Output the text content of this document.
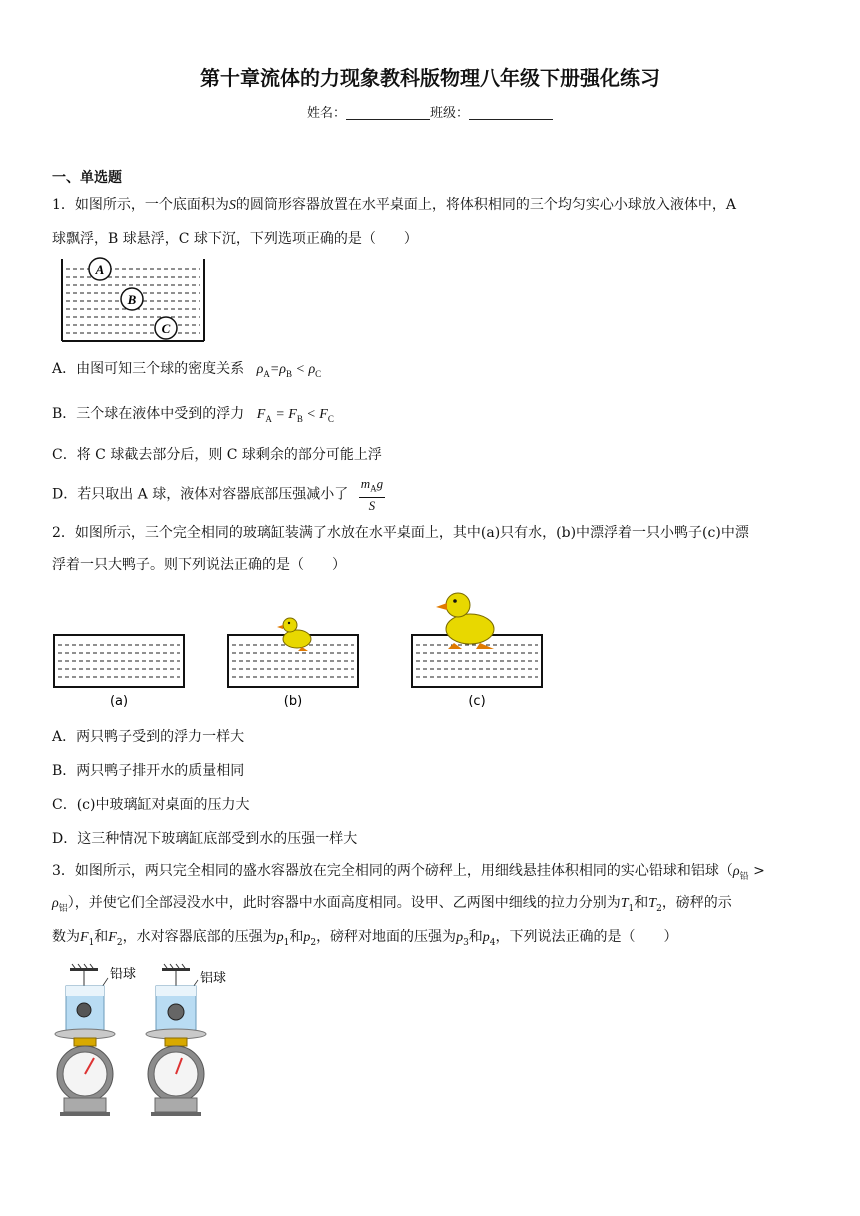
第十章流体的力现象教科版物理八年级下册强化练习
姓名：	班级：
一、单选题
1．如图所示，一个底面积为S的圆筒形容器放置在水平桌面上，将体积相同的三个均匀实心小球放入液体中，A
球飘浮，B 球悬浮，C 球下沉，下列选项正确的是（　　）
A
B
C
A．由图可知三个球的密度关系 $\rho_A=\rho_B < \rho_C$
B．三个球在液体中受到的浮力 $F_A = F_B < F_C$
C．将 C 球截去部分后，则 C 球剩余的部分可能上浮
D．若只取出 A 球，液体对容器底部压强减小了 $\frac{m_Ag}{S}$
2．如图所示，三个完全相同的玻璃缸装满了水放在水平桌面上，其中(a)只有水，(b)中漂浮着一只小鸭子(c)中漂
浮着一只大鸭子。则下列说法正确的是（　　）
(a)	(b)	(c)
A．两只鸭子受到的浮力一样大
B．两只鸭子排开水的质量相同
C．(c)中玻璃缸对桌面的压力大
D．这三种情况下玻璃缸底部受到水的压强一样大
3．如图所示，两只完全相同的盛水容器放在完全相同的两个磅秤上，用细线悬挂体积相同的实心铅球和铝球（$\rho_铅$ >
$\rho_铝$），并使它们全部浸没水中，此时容器中水面高度相同。设甲、乙两图中细线的拉力分别为$T_1$和$T_2$，磅秤的示
数为$F_1$和$F_2$，水对容器底部的压强为$p_1$和$p_2$，磅秤对地面的压强为$p_3$和$p_4$，下列说法正确的是（　　）
铅球	铝球
